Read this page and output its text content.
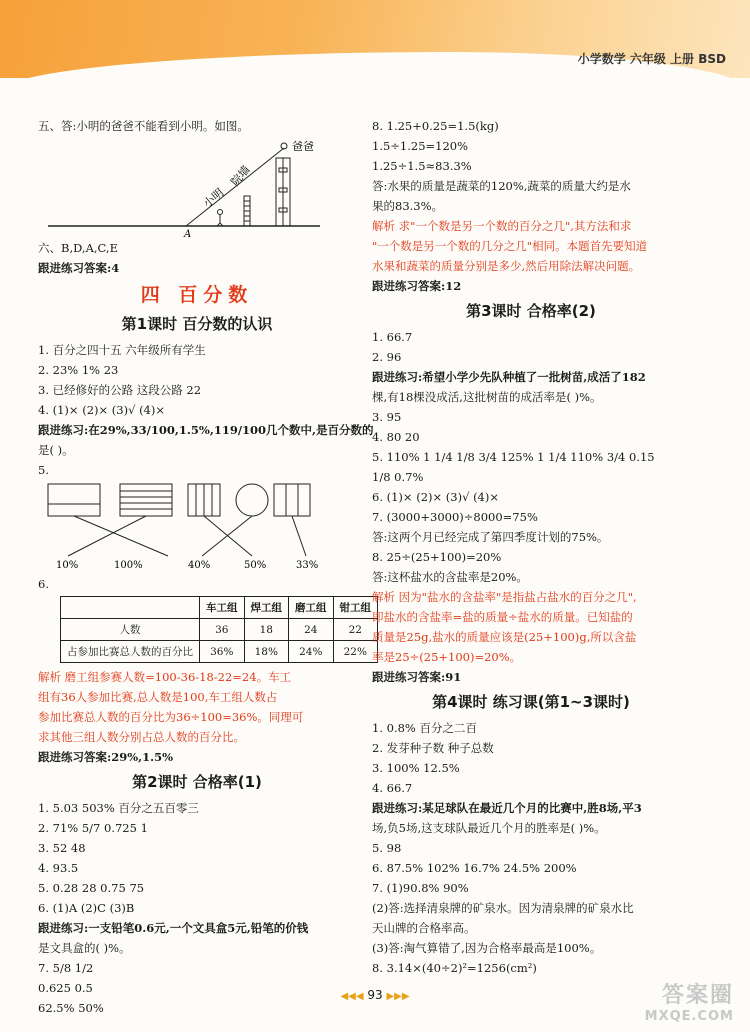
小学数学 六年级 上册 BSD

五、答:小明的爸爸不能看到小明。如图。

爸爸
院墙
小明
A

六、B,D,A,C,E

跟进练习答案:4

四 百分数
第1课时 百分数的认识

1. 百分之四十五 六年级所有学生

2. 23% 1% 23

3. 已经修好的公路 这段公路 22

4. (1)× (2)× (3)√ (4)×

跟进练习:在29%,33/100,1.5%,119/100几个数中,是百分数的

是( )。

5.

10%	100%	40%	50%	33%

6.

	车工组	焊工组	磨工组	钳工组
人数	36	18	24	22
占参加比赛总人数的百分比	36%	18%	24%	22%

解析 磨工组参赛人数=100-36-18-22=24。车工

组有36人参加比赛,总人数是100,车工组人数占

参加比赛总人数的百分比为36÷100=36%。同理可

求其他三组人数分别占总人数的百分比。

跟进练习答案:29%,1.5%

第2课时 合格率(1)

1. 5.03 503% 百分之五百零三

2. 71% 5/7 0.725 1

3. 52 48

4. 93.5

5. 0.28 28 0.75 75

6. (1)A (2)C (3)B

跟进练习:一支铅笔0.6元,一个文具盒5元,铅笔的价钱

是文具盒的( )%。

7. 5/8 1/2

0.625 0.5

62.5% 50%

8. 1.25+0.25=1.5(kg)

1.5÷1.25=120%

1.25÷1.5≈83.3%

答:水果的质量是蔬菜的120%,蔬菜的质量大约是水

果的83.3%。

解析 求"一个数是另一个数的百分之几",其方法和求

"一个数是另一个数的几分之几"相同。本题首先要知道

水果和蔬菜的质量分别是多少,然后用除法解决问题。

跟进练习答案:12

第3课时 合格率(2)

1. 66.7

2. 96

跟进练习:希望小学少先队种植了一批树苗,成活了182

棵,有18棵没成活,这批树苗的成活率是( )%。

3. 95

4. 80 20

5. 110% 1 1/4 1/8 3/4 125% 1 1/4 110% 3/4 0.15

1/8 0.7%

6. (1)× (2)× (3)√ (4)×

7. (3000+3000)÷8000=75%

答:这两个月已经完成了第四季度计划的75%。

8. 25÷(25+100)=20%

答:这杯盐水的含盐率是20%。

解析 因为"盐水的含盐率"是指盐占盐水的百分之几",

即盐水的含盐率=盐的质量÷盐水的质量。已知盐的

质量是25g,盐水的质量应该是(25+100)g,所以含盐

率是25÷(25+100)=20%。

跟进练习答案:91

第4课时 练习课(第1~3课时)

1. 0.8% 百分之二百

2. 发芽种子数 种子总数

3. 100% 12.5%

4. 66.7

跟进练习:某足球队在最近几个月的比赛中,胜8场,平3

场,负5场,这支球队最近几个月的胜率是( )%。

5. 98

6. 87.5% 102% 16.7% 24.5% 200%

7. (1)90.8% 90%

(2)答:选择清泉牌的矿泉水。因为清泉牌的矿泉水比

天山牌的合格率高。

(3)答:淘气算错了,因为合格率最高是100%。

8. 3.14×(40÷2)²=1256(cm²)

◀◀◀ 93 ▶▶▶	答案圈
MXQE.COM
